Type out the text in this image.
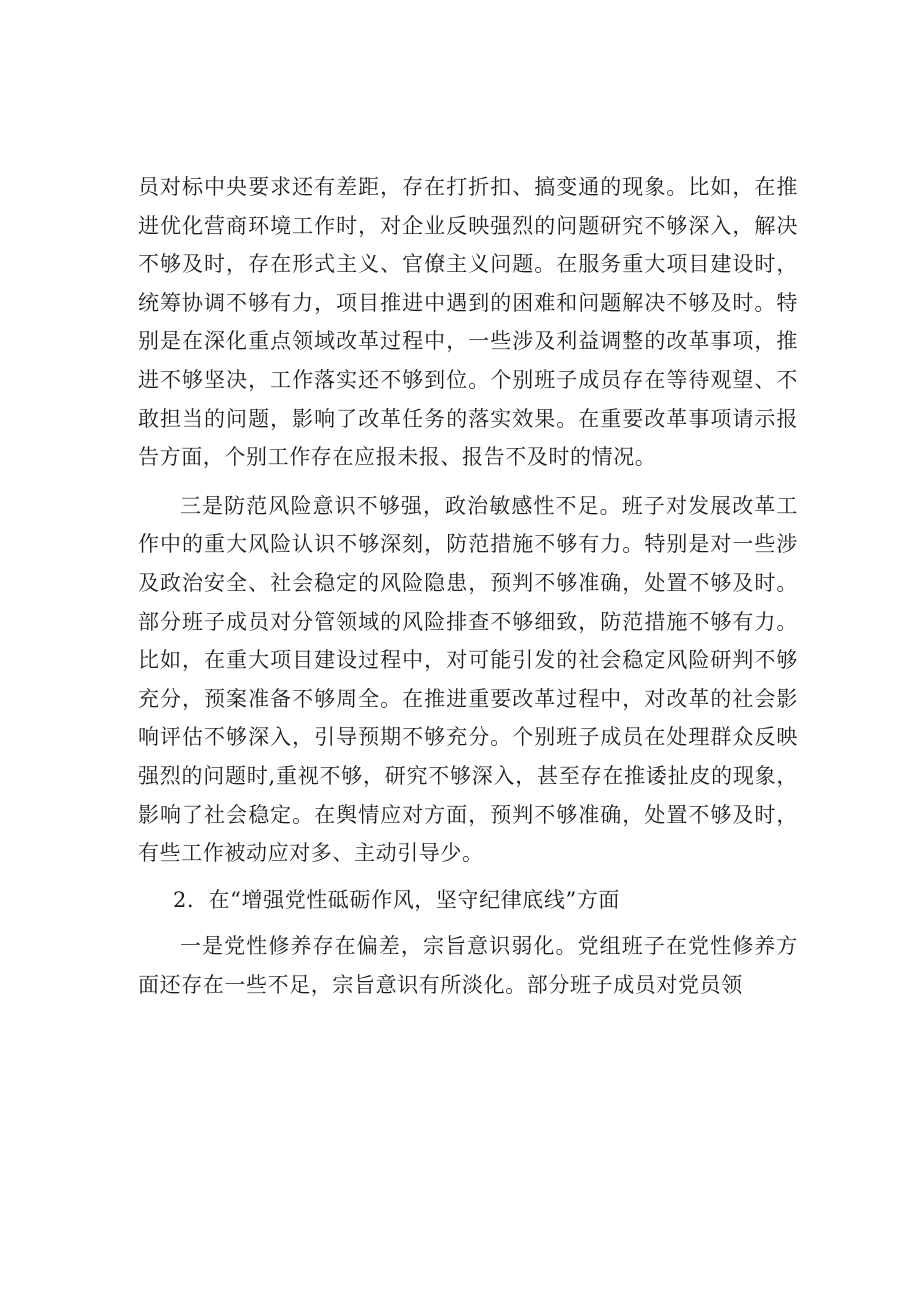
员对标中央要求还有差距，存在打折扣、搞变通的现象。比如，在推进优化营商环境工作时，对企业反映强烈的问题研究不够深入，解决不够及时，存在形式主义、官僚主义问题。在服务重大项目建设时，统筹协调不够有力，项目推进中遇到的困难和问题解决不够及时。特别是在深化重点领域改革过程中，一些涉及利益调整的改革事项，推进不够坚决，工作落实还不够到位。个别班子成员存在等待观望、不敢担当的问题，影响了改革任务的落实效果。在重要改革事项请示报告方面，个别工作存在应报未报、报告不及时的情况。

三是防范风险意识不够强，政治敏感性不足。班子对发展改革工作中的重大风险认识不够深刻，防范措施不够有力。特别是对一些涉及政治安全、社会稳定的风险隐患，预判不够准确，处置不够及时。部分班子成员对分管领域的风险排查不够细致，防范措施不够有力。比如，在重大项目建设过程中，对可能引发的社会稳定风险研判不够充分，预案准备不够周全。在推进重要改革过程中，对改革的社会影响评估不够深入，引导预期不够充分。个别班子成员在处理群众反映强烈的问题时,重视不够，研究不够深入，甚至存在推诿扯皮的现象，影响了社会稳定。在舆情应对方面，预判不够准确，处置不够及时，有些工作被动应对多、主动引导少。

2．在“增强党性砥砺作风，坚守纪律底线”方面

一是党性修养存在偏差，宗旨意识弱化。党组班子在党性修养方面还存在一些不足，宗旨意识有所淡化。部分班子成员对党员领
